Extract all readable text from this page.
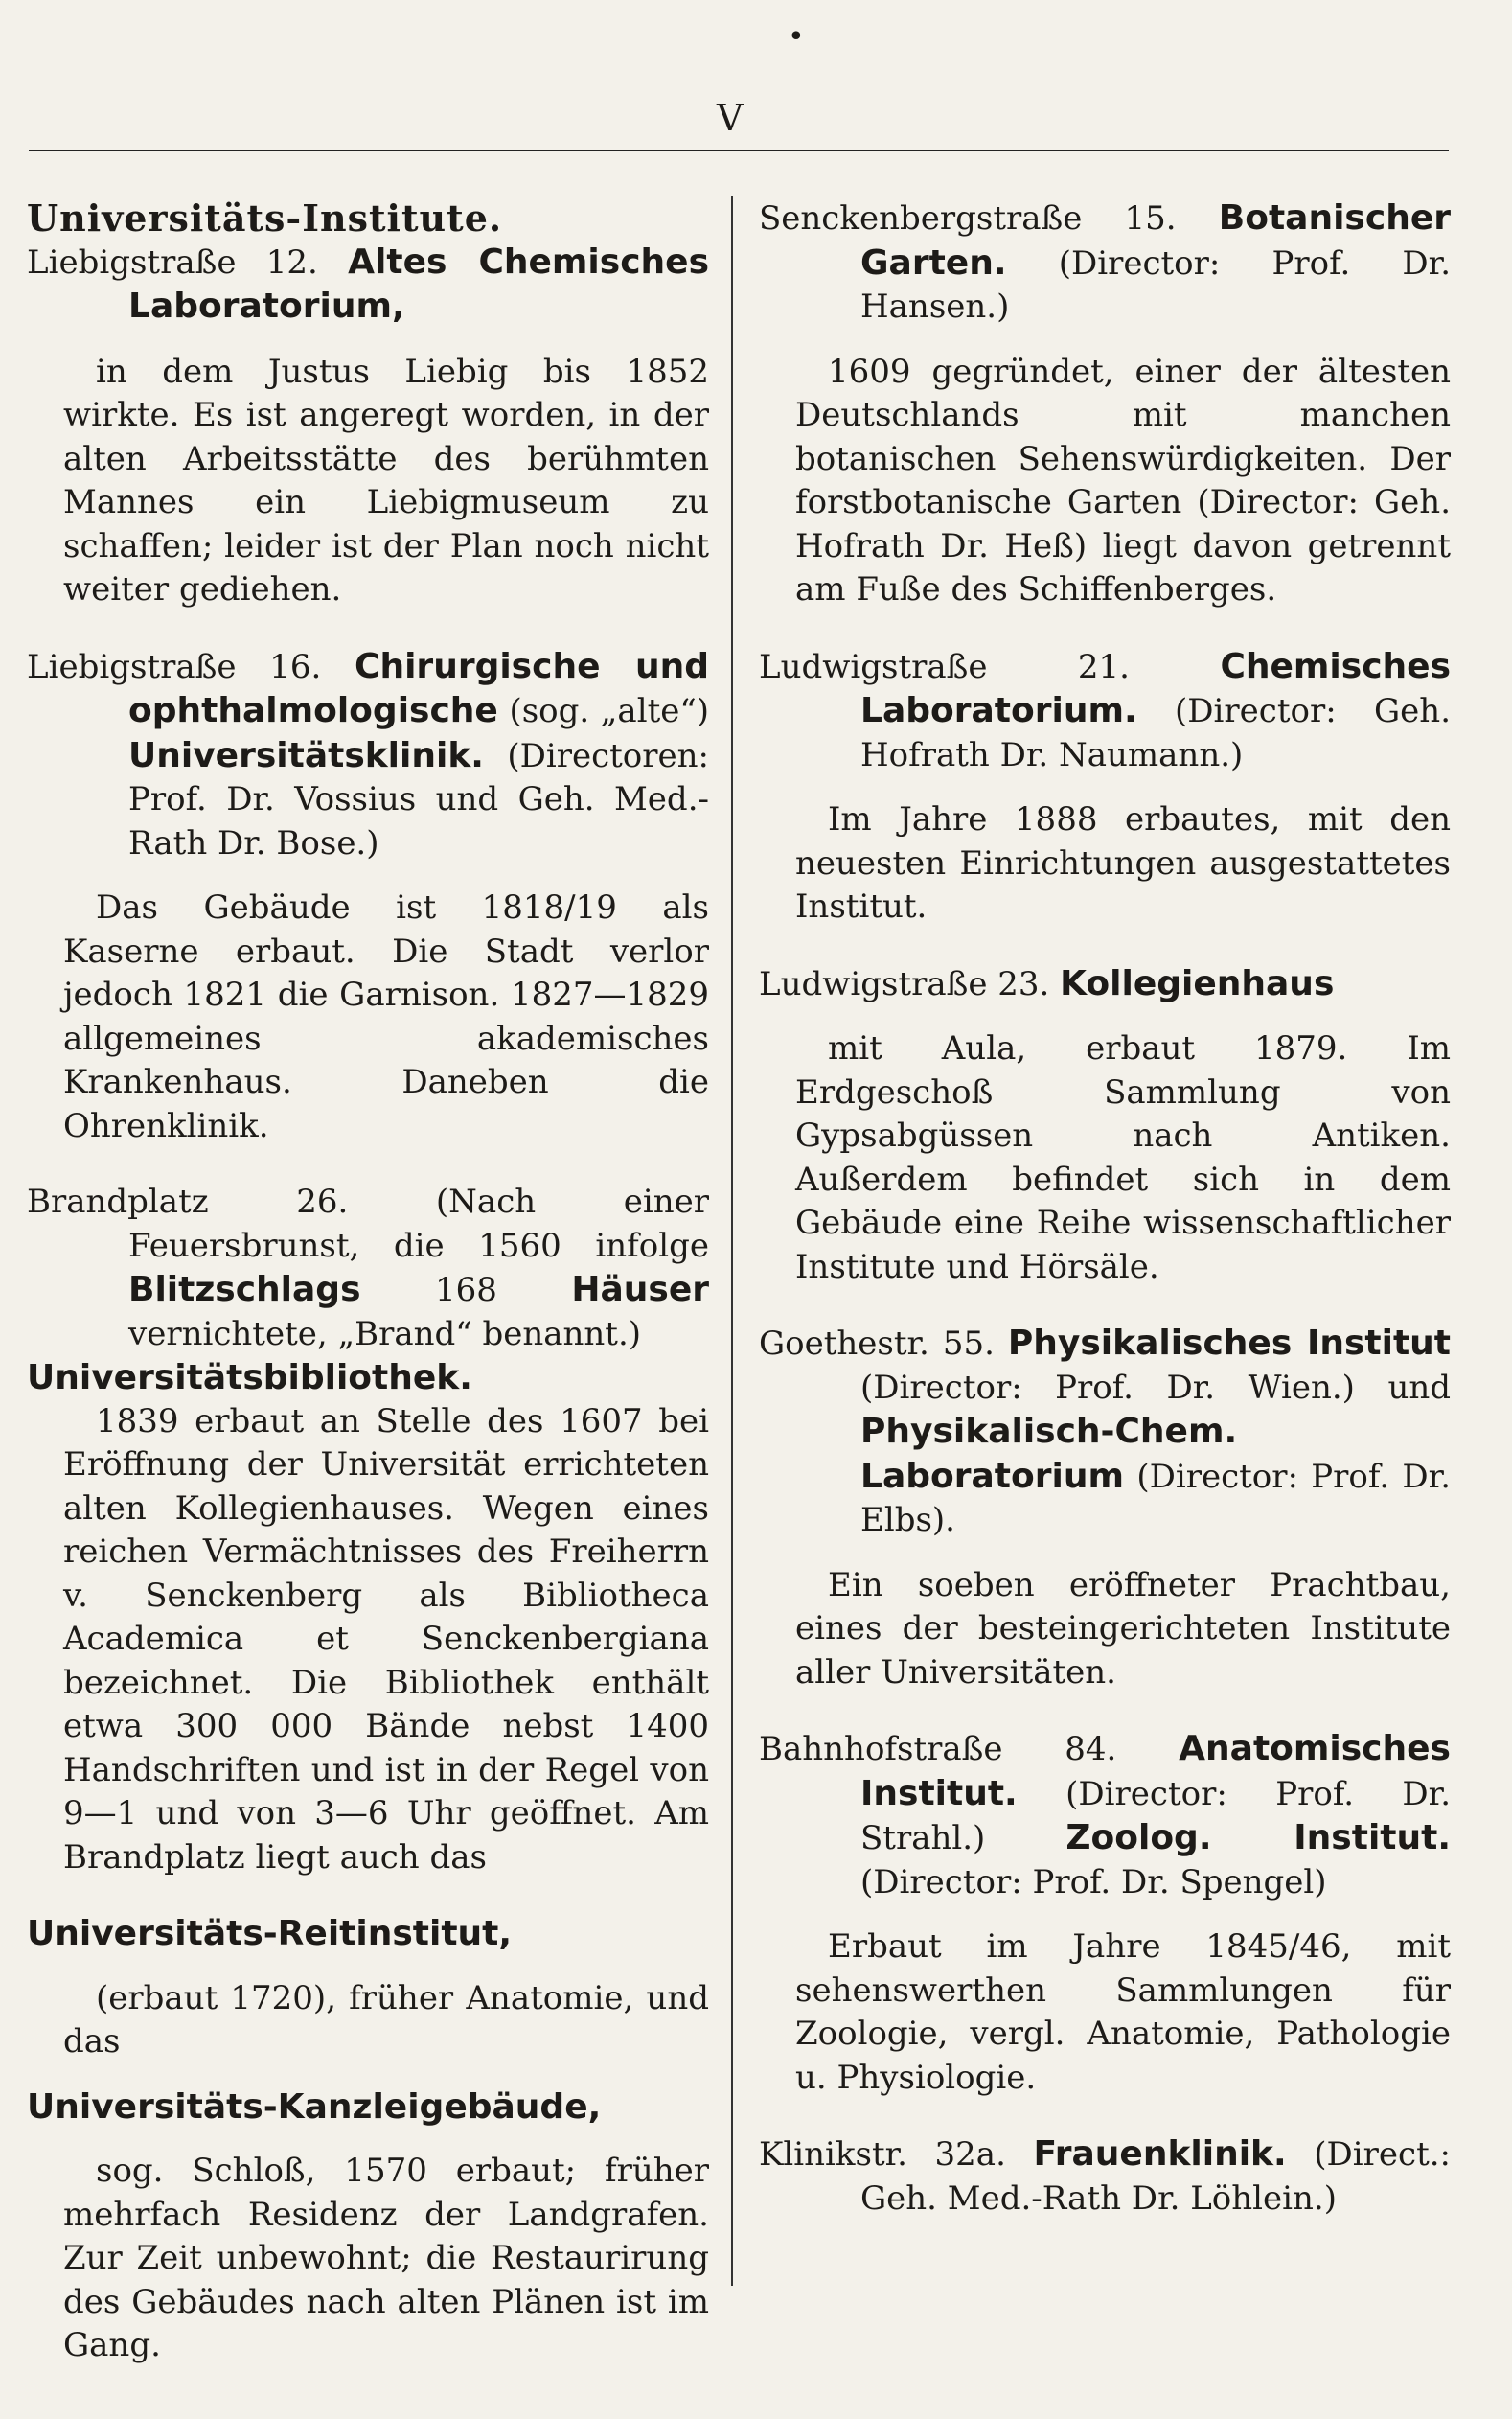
•
V

Universitäts-Institute.

Liebigstraße 12. Altes Chemisches Laboratorium,

in dem Justus Liebig bis 1852 wirkte. Es ist angeregt worden, in der alten Arbeitsstätte des berühmten Mannes ein Liebigmuseum zu schaffen; leider ist der Plan noch nicht weiter gediehen.

Liebigstraße 16. Chirurgische und ophthalmologische (sog. „alte“) Universitätsklinik. (Directoren: Prof. Dr. Vossius und Geh. Med.-Rath Dr. Bose.)

Das Gebäude ist 1818/19 als Kaserne erbaut. Die Stadt verlor jedoch 1821 die Garnison. 1827—1829 allgemeines akademisches Krankenhaus. Daneben die Ohrenklinik.

Brandplatz 26.	(Nach einer Feuersbrunst, die 1560 infolge Blitzschlags 168 Häuser vernichtete, „Brand“ benannt.)

Universitätsbibliothek.

1839 erbaut an Stelle des 1607 bei Eröffnung der Universität errichteten alten Kollegienhauses. Wegen eines reichen Vermächtnisses des Freiherrn v. Senckenberg als Bibliotheca Academica et Senckenbergiana bezeichnet. Die Bibliothek enthält etwa 300 000 Bände nebst 1400 Handschriften und ist in der Regel von 9—1 und von 3—6 Uhr geöffnet. Am Brandplatz liegt auch das

Universitäts-Reitinstitut,

(erbaut 1720), früher Anatomie, und das

Universitäts-Kanzleigebäude,

sog. Schloß, 1570 erbaut; früher mehrfach Residenz der Landgrafen. Zur Zeit unbewohnt; die Restaurirung des Gebäudes nach alten Plänen ist im Gang.

Senckenbergstraße 15. Botanischer Garten. (Director: Prof. Dr. Hansen.)

1609 gegründet, einer der ältesten Deutschlands mit manchen botanischen Sehenswürdigkeiten. Der forstbotanische Garten (Director: Geh. Hofrath Dr. Heß) liegt davon getrennt am Fuße des Schiffenberges.

Ludwigstraße 21.	Chemisches Laboratorium. (Director: Geh. Hofrath Dr. Naumann.)

Im Jahre 1888 erbautes, mit den neuesten Einrichtungen ausgestattetes Institut.

Ludwigstraße 23. Kollegienhaus

mit Aula, erbaut 1879. Im Erdgeschoß Sammlung von Gypsabgüssen nach Antiken. Außerdem befindet sich in dem Gebäude eine Reihe wissenschaftlicher Institute und Hörsäle.

Goethestr. 55. Physikalisches Institut (Director: Prof. Dr. Wien.) und Physikalisch-Chem. Laboratorium (Director: Prof. Dr. Elbs).

Ein soeben eröffneter Prachtbau, eines der besteingerichteten Institute aller Universitäten.

Bahnhofstraße 84. Anatomisches Institut. (Director: Prof. Dr. Strahl.) Zoolog. Institut. (Director: Prof. Dr. Spengel)

Erbaut im Jahre 1845/46, mit sehenswerthen Sammlungen für Zoologie, vergl. Anatomie, Pathologie u. Physiologie.

Klinikstr. 32a. Frauenklinik. (Direct.: Geh. Med.-Rath Dr. Löhlein.)
